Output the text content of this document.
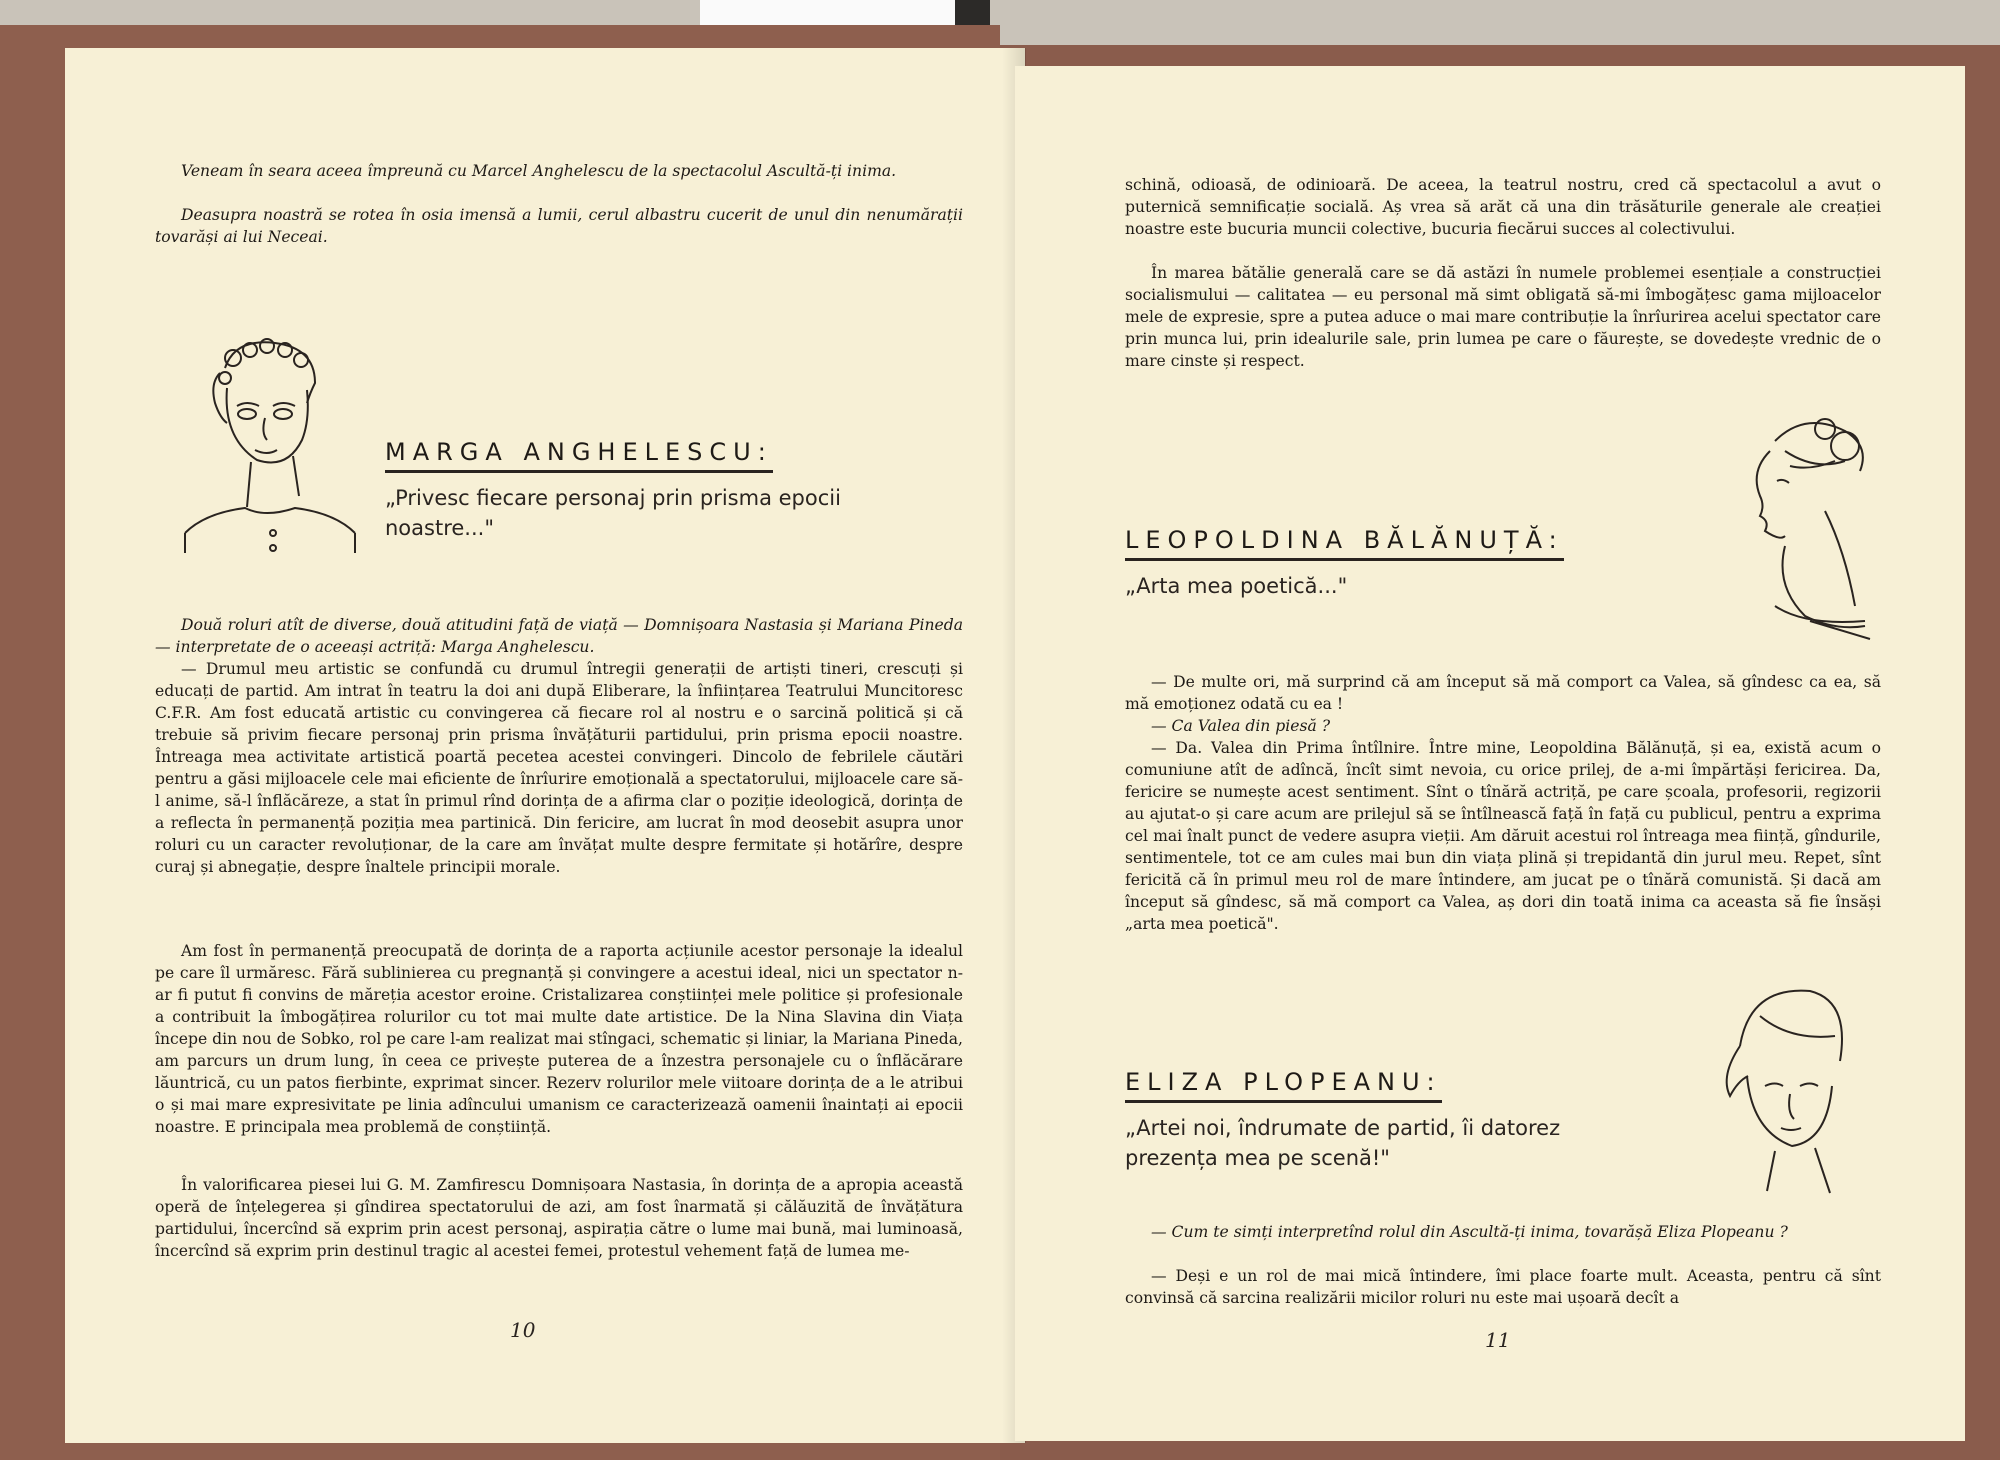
Veneam în seara aceea împreună cu Marcel Anghelescu de la spectacolul Ascultă-ți inima.

Deasupra noastră se rotea în osia imensă a lumii, cerul albastru cucerit de unul din nenumărații tovarăși ai lui Neceai.

MARGA ANGHELESCU:

„Privesc fiecare personaj prin prisma epocii noastre..."

Două roluri atît de diverse, două atitudini față de viață — Domnișoara Nastasia și Mariana Pineda — interpretate de o aceeași actriță: Marga Anghelescu.

— Drumul meu artistic se confundă cu drumul întregii generații de artiști tineri, crescuți și educați de partid. Am intrat în teatru la doi ani după Eliberare, la înființarea Teatrului Muncitoresc C.F.R. Am fost educată artistic cu convingerea că fiecare rol al nostru e o sarcină politică și că trebuie să privim fiecare personaj prin prisma învățăturii partidului, prin prisma epocii noastre. Întreaga mea activitate artistică poartă pecetea acestei convingeri. Dincolo de febrilele căutări pentru a găsi mijloacele cele mai eficiente de înrîurire emoțională a spectatorului, mijloacele care să-l anime, să-l înflăcăreze, a stat în primul rînd dorința de a afirma clar o poziție ideologică, dorința de a reflecta în permanență poziția mea partinică. Din fericire, am lucrat în mod deosebit asupra unor roluri cu un caracter revoluționar, de la care am învățat multe despre fermitate și hotărîre, despre curaj și abnegație, despre înaltele principii morale.

Am fost în permanență preocupată de dorința de a raporta acțiunile acestor personaje la idealul pe care îl urmăresc. Fără sublinierea cu pregnanță și convingere a acestui ideal, nici un spectator n-ar fi putut fi convins de măreția acestor eroine. Cristalizarea conștiinței mele politice și profesionale a contribuit la îmbogățirea rolurilor cu tot mai multe date artistice. De la Nina Slavina din Viața începe din nou de Sobko, rol pe care l-am realizat mai stîngaci, schematic și liniar, la Mariana Pineda, am parcurs un drum lung, în ceea ce privește puterea de a înzestra personajele cu o înflăcărare lăuntrică, cu un patos fierbinte, exprimat sincer. Rezerv rolurilor mele viitoare dorința de a le atribui o și mai mare expresivitate pe linia adîncului umanism ce caracterizează oamenii înaintați ai epocii noastre. E principala mea problemă de conștiință.

În valorificarea piesei lui G. M. Zamfirescu Domnișoara Nastasia, în dorința de a apropia această operă de înțelegerea și gîndirea spectatorului de azi, am fost înarmată și călăuzită de învățătura partidului, încercînd să exprim prin acest personaj, aspirația către o lume mai bună, mai luminoasă, încercînd să exprim prin destinul tragic al acestei femei, protestul vehement față de lumea me-

10

schină, odioasă, de odinioară. De aceea, la teatrul nostru, cred că spectacolul a avut o puternică semnificație socială. Aș vrea să arăt că una din trăsăturile generale ale creației noastre este bucuria muncii colective, bucuria fiecărui succes al colectivului.

În marea bătălie generală care se dă astăzi în numele problemei esențiale a construcției socialismului — calitatea — eu personal mă simt obligată să-mi îmbogățesc gama mijloacelor mele de expresie, spre a putea aduce o mai mare contribuție la înrîurirea acelui spectator care prin munca lui, prin idealurile sale, prin lumea pe care o făurește, se dovedește vrednic de o mare cinste și respect.

LEOPOLDINA BĂLĂNUȚĂ:

„Arta mea poetică..."

— De multe ori, mă surprind că am început să mă comport ca Valea, să gîndesc ca ea, să mă emoționez odată cu ea !

— Ca Valea din piesă ?

— Da. Valea din Prima întîlnire. Între mine, Leopoldina Bălănuță, și ea, există acum o comuniune atît de adîncă, încît simt nevoia, cu orice prilej, de a-mi împărtăși fericirea. Da, fericire se numește acest sentiment. Sînt o tînără actriță, pe care școala, profesorii, regizorii au ajutat-o și care acum are prilejul să se întîlnească față în față cu publicul, pentru a exprima cel mai înalt punct de vedere asupra vieții. Am dăruit acestui rol întreaga mea ființă, gîndurile, sentimentele, tot ce am cules mai bun din viața plină și trepidantă din jurul meu. Repet, sînt fericită că în primul meu rol de mare întindere, am jucat pe o tînără comunistă. Și dacă am început să gîndesc, să mă comport ca Valea, aș dori din toată inima ca aceasta să fie însăși „arta mea poetică".

ELIZA PLOPEANU:

„Artei noi, îndrumate de partid, îi datorez prezența mea pe scenă!"

— Cum te simți interpretînd rolul din Ascultă-ți inima, tovarășă Eliza Plopeanu ?

— Deși e un rol de mai mică întindere, îmi place foarte mult. Aceasta, pentru că sînt convinsă că sarcina realizării micilor roluri nu este mai ușoară decît a

11
